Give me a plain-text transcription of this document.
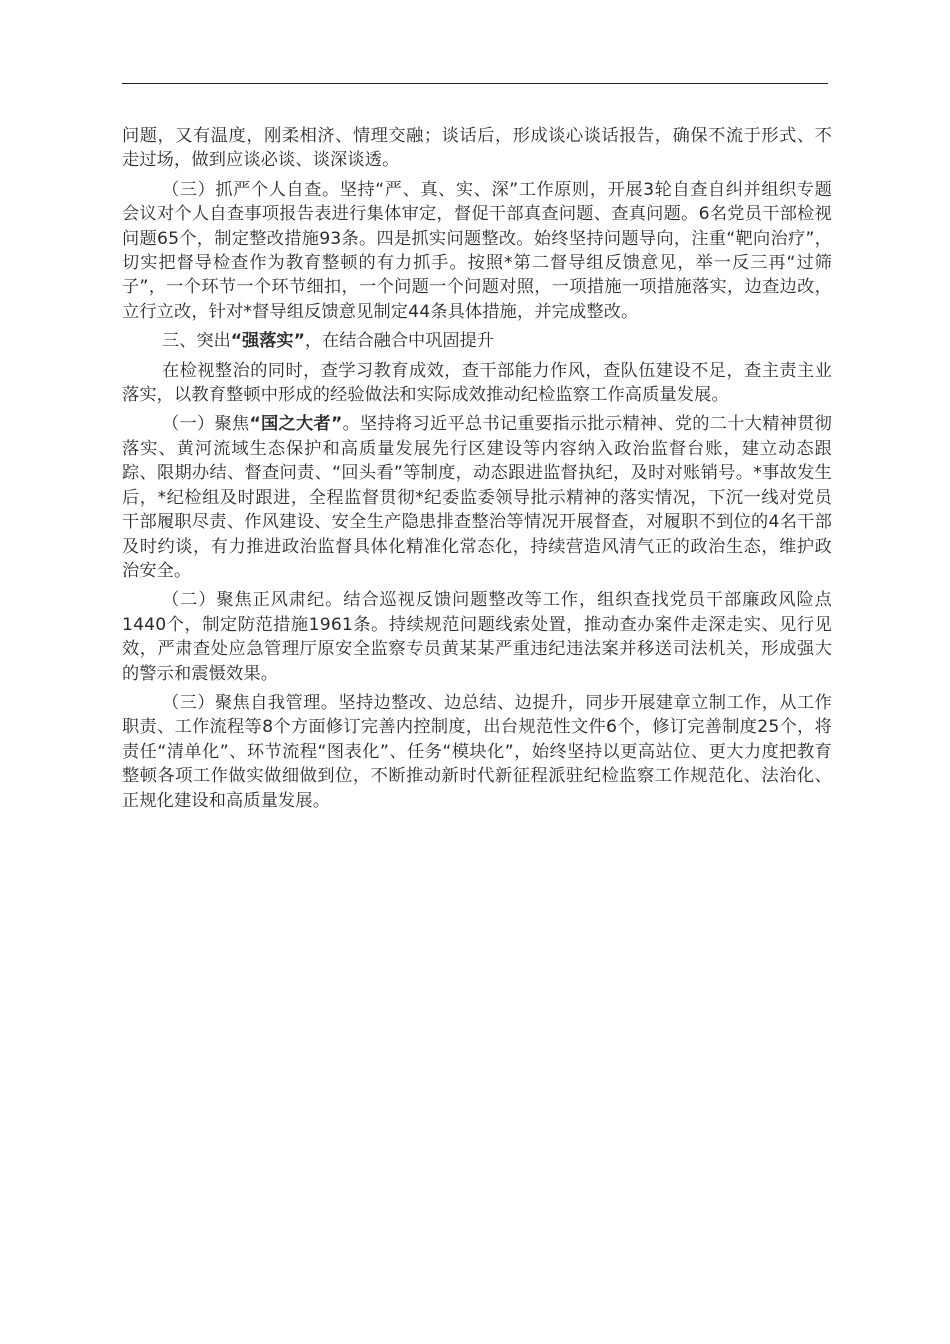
问题，又有温度，刚柔相济、情理交融；谈话后，形成谈心谈话报告，确保不流于形式、不走过场，做到应谈必谈、谈深谈透。

（三）抓严个人自查。坚持“严、真、实、深”工作原则，开展3轮自查自纠并组织专题会议对个人自查事项报告表进行集体审定，督促干部真查问题、查真问题。6名党员干部检视问题65个，制定整改措施93条。四是抓实问题整改。始终坚持问题导向，注重“靶向治疗”，切实把督导检查作为教育整顿的有力抓手。按照*第二督导组反馈意见，举一反三再“过筛子”，一个环节一个环节细扣，一个问题一个问题对照，一项措施一项措施落实，边查边改，立行立改，针对*督导组反馈意见制定44条具体措施，并完成整改。

三、突出“强落实”，在结合融合中巩固提升

在检视整治的同时，查学习教育成效，查干部能力作风，查队伍建设不足，查主责主业落实，以教育整顿中形成的经验做法和实际成效推动纪检监察工作高质量发展。

（一）聚焦“国之大者”。坚持将习近平总书记重要指示批示精神、党的二十大精神贯彻落实、黄河流域生态保护和高质量发展先行区建设等内容纳入政治监督台账，建立动态跟踪、限期办结、督查问责、“回头看”等制度，动态跟进监督执纪，及时对账销号。*事故发生后，*纪检组及时跟进，全程监督贯彻*纪委监委领导批示精神的落实情况，下沉一线对党员干部履职尽责、作风建设、安全生产隐患排查整治等情况开展督查，对履职不到位的4名干部及时约谈，有力推进政治监督具体化精准化常态化，持续营造风清气正的政治生态，维护政治安全。

（二）聚焦正风肃纪。结合巡视反馈问题整改等工作，组织查找党员干部廉政风险点1440个，制定防范措施1961条。持续规范问题线索处置，推动查办案件走深走实、见行见效，严肃查处应急管理厅原安全监察专员黄某某严重违纪违法案并移送司法机关，形成强大的警示和震慑效果。

（三）聚焦自我管理。坚持边整改、边总结、边提升，同步开展建章立制工作，从工作职责、工作流程等8个方面修订完善内控制度，出台规范性文件6个，修订完善制度25个，将责任“清单化”、环节流程“图表化”、任务“模块化”，始终坚持以更高站位、更大力度把教育整顿各项工作做实做细做到位，不断推动新时代新征程派驻纪检监察工作规范化、法治化、正规化建设和高质量发展。
